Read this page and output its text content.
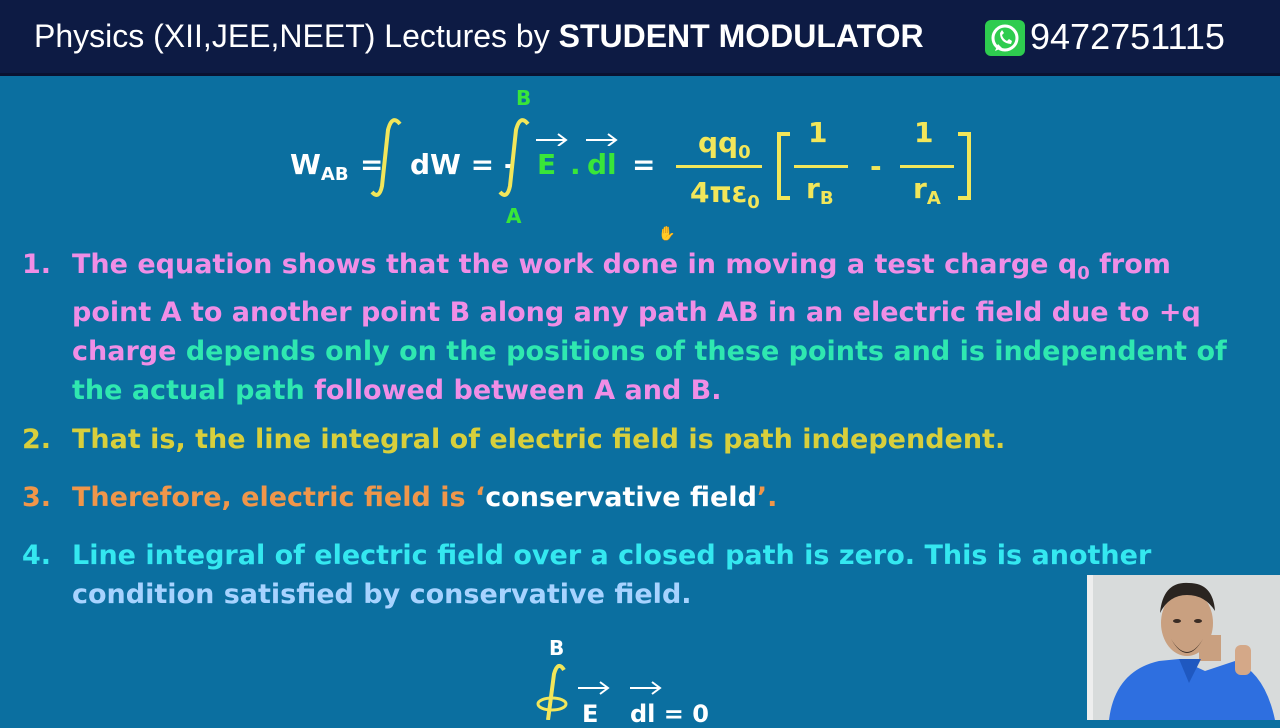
Physics (XII,JEE,NEET) Lectures by STUDENT MODULATOR	9472751115
$W_{AB}$ = dW = -
B
A
E . dl =
$qq_0$
$4\pi\varepsilon_0$
1
$r_B$
-
1
$r_A$
✋
1. The equation shows that the work done in moving a test charge $q_0$ from point A to another point B along any path AB in an electric field due to +q charge depends only on the positions of these points and is independent of the actual path followed between A and B.
2. That is, the line integral of electric field is path independent.
3. Therefore, electric field is ‘conservative field’.
4. Line integral of electric field over a closed path is zero. This is another condition satisfied by conservative field.
B
E dl = 0
